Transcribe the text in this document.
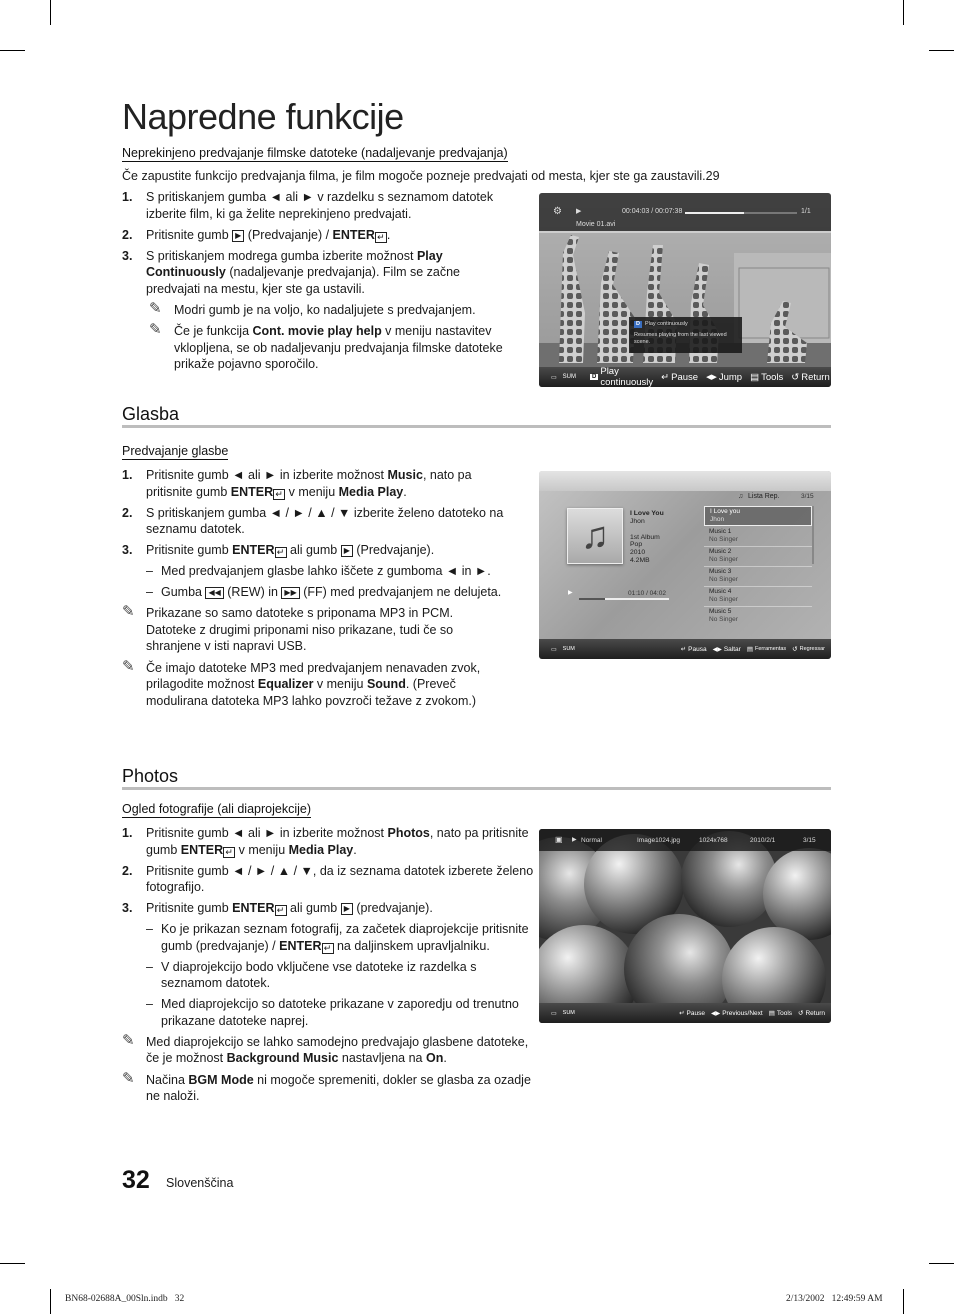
Napredne funkcije
Neprekinjeno predvajanje filmske datoteke (nadaljevanje predvajanja)
Če zapustite funkcijo predvajanja filma, je film mogoče pozneje predvajati od mesta, kjer ste ga zaustavili.29
1. S pritiskanjem gumba ◄ ali ► v razdelku s seznamom datotek izberite film, ki ga želite neprekinjeno predvajati.
2. Pritisnite gumb ▶ (Predvajanje) / ENTER ↵ .
3. S pritiskanjem modrega gumba izberite možnost Play Continuously (nadaljevanje predvajanja). Film se začne predvajati na mestu, kjer ste ga ustavili.
✎ Modri gumb je na voljo, ko nadaljujete s predvajanjem.
✎ Če je funkcija Cont. movie play help v meniju nastavitev vklopljena, se ob nadaljevanju predvajanja filmske datoteke prikaže pojavno sporočilo.
⚙ ▶	00:04:03 / 00:07:38	1/1
Movie 01.avi
D Play continuously
Resumes playing from the last viewed scene.
▭ SUM	D Play continuously ↵ Pause ◀▶ Jump ▤ Tools ↺ Return
Glasba
Predvajanje glasbe
1. Pritisnite gumb ◄ ali ► in izberite možnost Music, nato pa pritisnite gumb ENTER ↵ v meniju Media Play.
2. S pritiskanjem gumba ◄ / ► / ▲ / ▼ izberite želeno datoteko na seznamu datotek.
3. Pritisnite gumb ENTER ↵ ali gumb ▶ (Predvajanje).
– Med predvajanjem glasbe lahko iščete z gumboma ◄ in ►.
– Gumba ◀◀ (REW) in ▶▶ (FF) med predvajanjem ne delujeta.
✎ Prikazane so samo datoteke s priponama MP3 in PCM. Datoteke z drugimi priponami niso prikazane, tudi če so shranjene v isti napravi USB.
✎ Če imajo datoteke MP3 med predvajanjem nenavaden zvok, prilagodite možnost Equalizer v meniju Sound. (Preveč modulirana datoteka MP3 lahko povzroči težave z zvokom.)
♫ Lista Rep.	3/15
♫
I Love You
Jhon
1st Album
Pop
2010
4.2MB
▶	01:10 / 04:02
I Love you
Jhon
Music 1
No Singer
Music 2
No Singer
Music 3
No Singer
Music 4
No Singer
Music 5
No Singer
▭ SUM	↵ Pausa ◀▶ Saltar ▤ Ferramentas ↺ Regressar
Photos
Ogled fotografije (ali diaprojekcije)
1. Pritisnite gumb ◄ ali ► in izberite možnost Photos, nato pa pritisnite gumb ENTER ↵ v meniju Media Play.
2. Pritisnite gumb ◄ / ► / ▲ / ▼, da iz seznama datotek izberete želeno fotografijo.
3. Pritisnite gumb ENTER ↵ ali gumb ▶ (predvajanje).
– Ko je prikazan seznam fotografij, za začetek diaprojekcije pritisnite gumb (predvajanje) / ENTER ↵ na daljinskem upravljalniku.
– V diaprojekcijo bodo vključene vse datoteke iz razdelka s seznamom datotek.
– Med diaprojekcijo so datoteke prikazane v zaporedju od trenutno prikazane datoteke naprej.
✎ Med diaprojekcijo se lahko samodejno predvajajo glasbene datoteke, če je možnost Background Music nastavljena na On.
✎ Načina BGM Mode ni mogoče spremeniti, dokler se glasba za ozadje ne naloži.
▣ ▶ Normal	Image1024.jpg	1024x768	2010/2/1	3/15
▭ SUM	↵ Pause ◀▶ Previous/Next ▤ Tools ↺ Return
32 Slovenščina
BN68-02688A_00Sln.indb   32	2/13/2002   12:49:59 AM
